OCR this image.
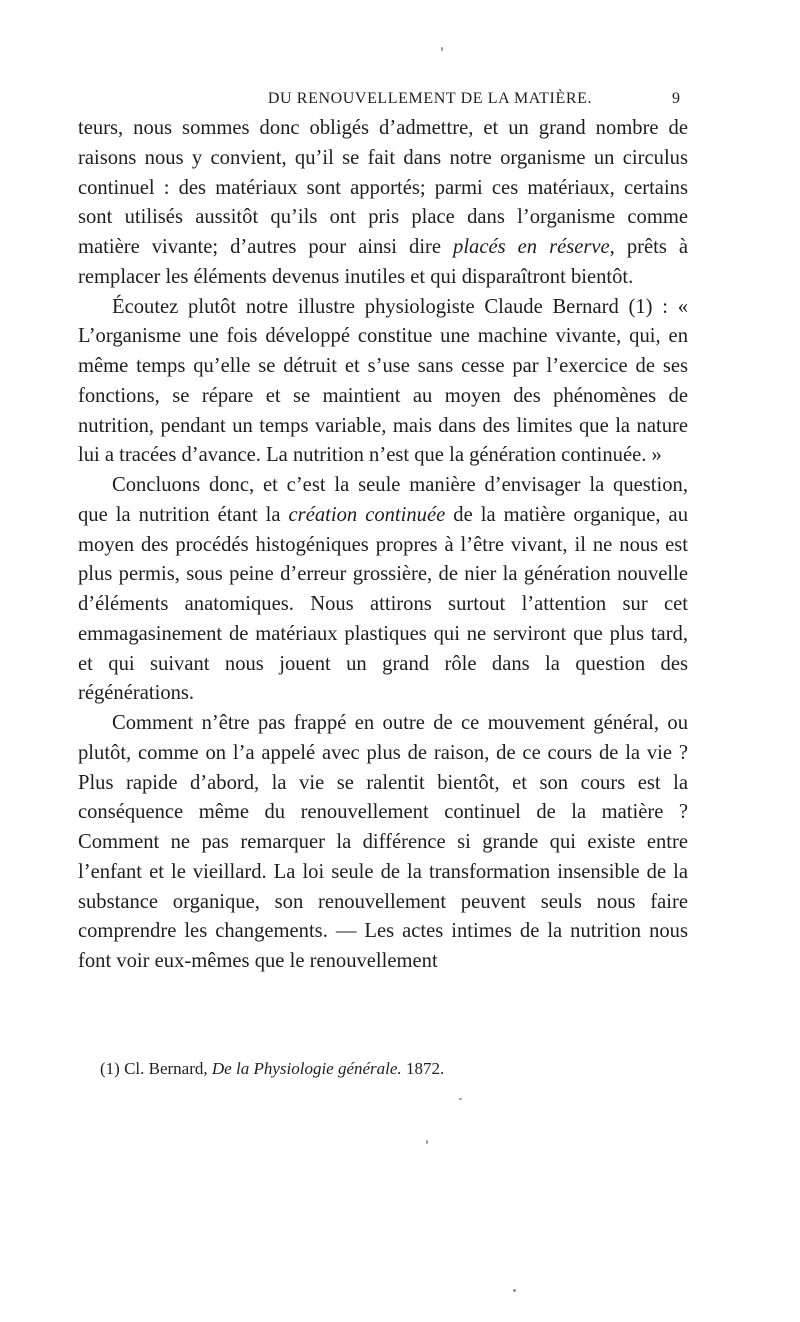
DU RENOUVELLEMENT DE LA MATIÈRE.	9

teurs, nous sommes donc obligés d’admettre, et un grand nombre de raisons nous y convient, qu’il se fait dans notre organisme un circulus continuel : des matériaux sont apportés; parmi ces matériaux, certains sont utilisés aussitôt qu’ils ont pris place dans l’organisme comme matière vivante; d’autres pour ainsi dire placés en réserve, prêts à remplacer les éléments devenus inutiles et qui disparaîtront bientôt.

Écoutez plutôt notre illustre physiologiste Claude Bernard (1) : « L’organisme une fois développé constitue une machine vivante, qui, en même temps qu’elle se détruit et s’use sans cesse par l’exercice de ses fonctions, se répare et se maintient au moyen des phénomènes de nutrition, pendant un temps variable, mais dans des limites que la nature lui a tracées d’avance. La nutrition n’est que la génération continuée. »

Concluons donc, et c’est la seule manière d’envisager la question, que la nutrition étant la création continuée de la matière organique, au moyen des procédés histogéniques propres à l’être vivant, il ne nous est plus permis, sous peine d’erreur grossière, de nier la génération nouvelle d’éléments anatomiques. Nous attirons surtout l’attention sur cet emmagasinement de matériaux plastiques qui ne serviront que plus tard, et qui suivant nous jouent un grand rôle dans la question des régénérations.

Comment n’être pas frappé en outre de ce mouvement général, ou plutôt, comme on l’a appelé avec plus de raison, de ce cours de la vie ? Plus rapide d’abord, la vie se ralentit bientôt, et son cours est la conséquence même du renouvellement continuel de la matière ? Comment ne pas remarquer la différence si grande qui existe entre l’enfant et le vieillard. La loi seule de la transformation insensible de la substance organique, son renouvellement peuvent seuls nous faire comprendre les changements. — Les actes intimes de la nutrition nous font voir eux-mêmes que le renouvellement

(1) Cl. Bernard, De la Physiologie générale. 1872.
